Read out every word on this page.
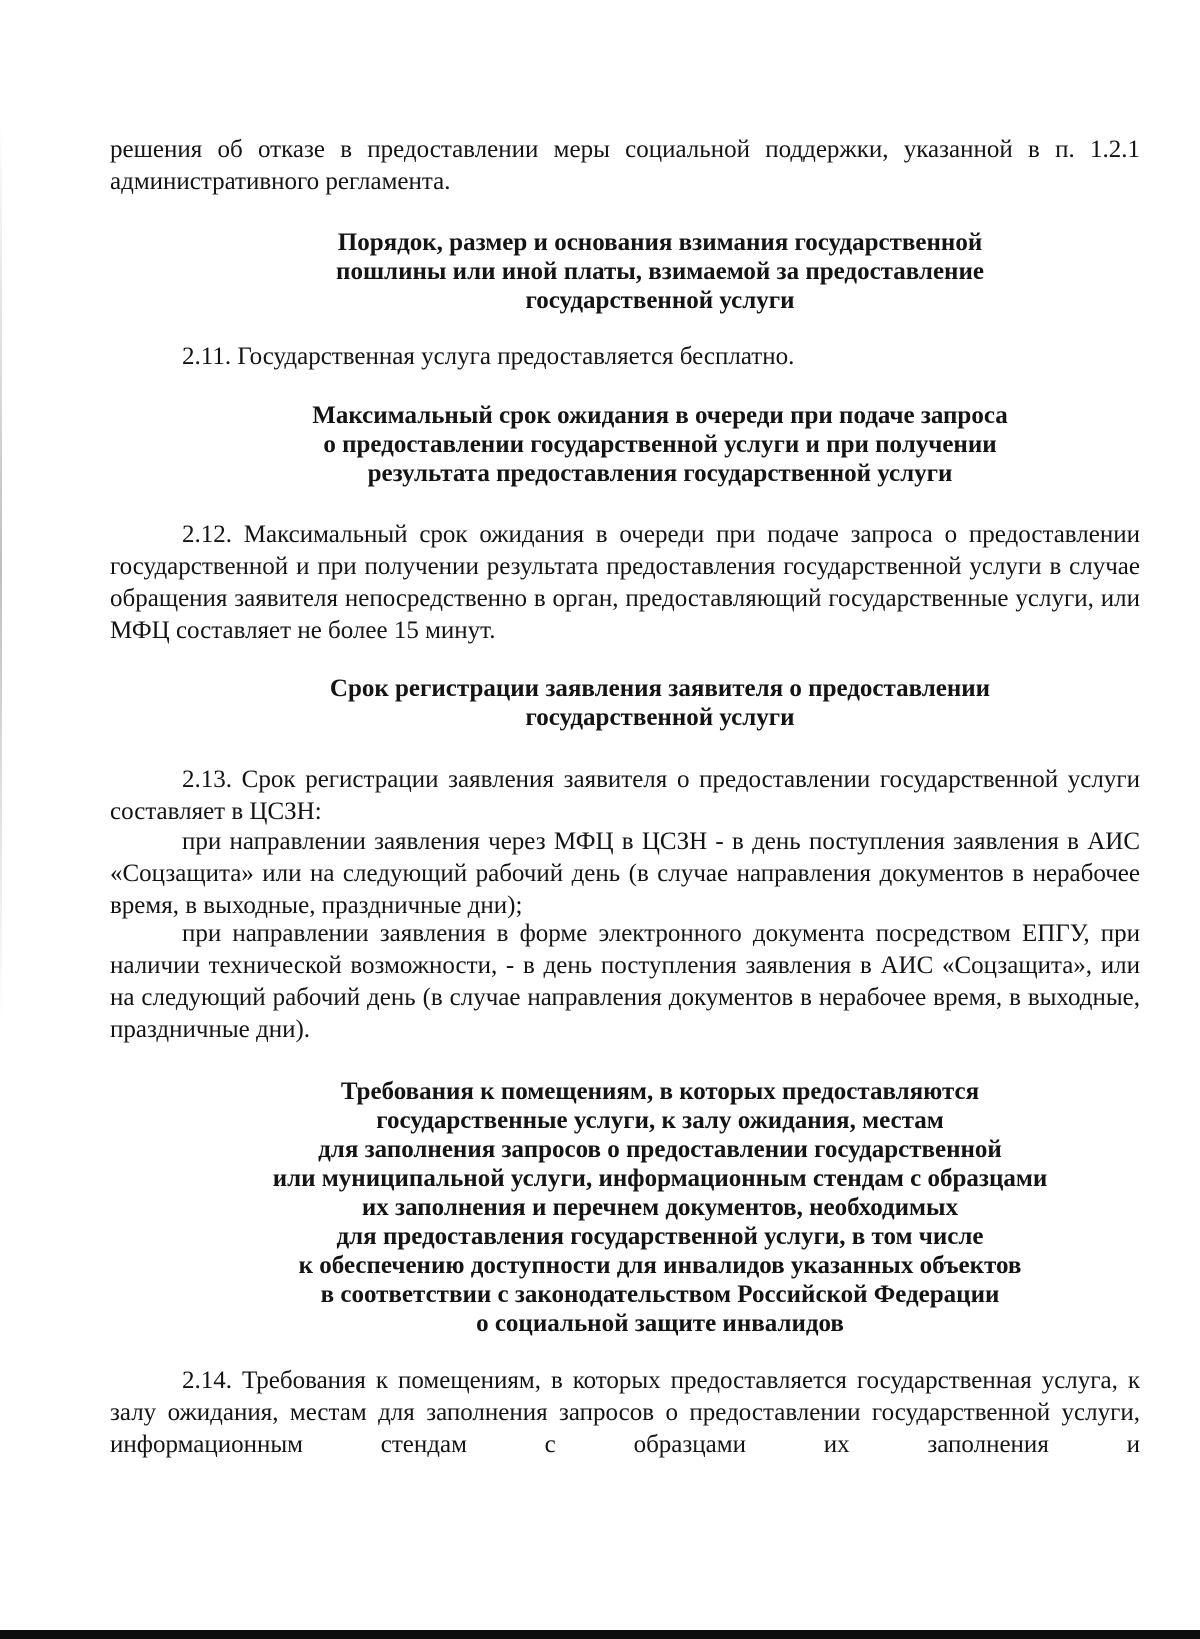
решения об отказе в предоставлении меры социальной поддержки, указанной в п. 1.2.1 административного регламента.

Порядок, размер и основания взимания государственной
пошлины или иной платы, взимаемой за предоставление
государственной услуги

2.11. Государственная услуга предоставляется бесплатно.

Максимальный срок ожидания в очереди при подаче запроса
о предоставлении государственной услуги и при получении
результата предоставления государственной услуги

2.12. Максимальный срок ожидания в очереди при подаче запроса о предоставлении государственной и при получении результата предоставления государственной услуги в случае обращения заявителя непосредственно в орган, предоставляющий государственные услуги, или МФЦ составляет не более 15 минут.

Срок регистрации заявления заявителя о предоставлении
государственной услуги

2.13. Срок регистрации заявления заявителя о предоставлении государственной услуги составляет в ЦСЗН:

при направлении заявления через МФЦ в ЦСЗН - в день поступления заявления в АИС «Соцзащита» или на следующий рабочий день (в случае направления документов в нерабочее время, в выходные, праздничные дни);

при направлении заявления в форме электронного документа посредством ЕПГУ, при наличии технической возможности, - в день поступления заявления в АИС «Соцзащита», или на следующий рабочий день (в случае направления документов в нерабочее время, в выходные, праздничные дни).

Требования к помещениям, в которых предоставляются
государственные услуги, к залу ожидания, местам
для заполнения запросов о предоставлении государственной
или муниципальной услуги, информационным стендам с образцами
их заполнения и перечнем документов, необходимых
для предоставления государственной услуги, в том числе
к обеспечению доступности для инвалидов указанных объектов
в соответствии с законодательством Российской Федерации
о социальной защите инвалидов

2.14. Требования к помещениям, в которых предоставляется государственная услуга, к залу ожидания, местам для заполнения запросов о предоставлении государственной услуги, информационным стендам с образцами их заполнения и
